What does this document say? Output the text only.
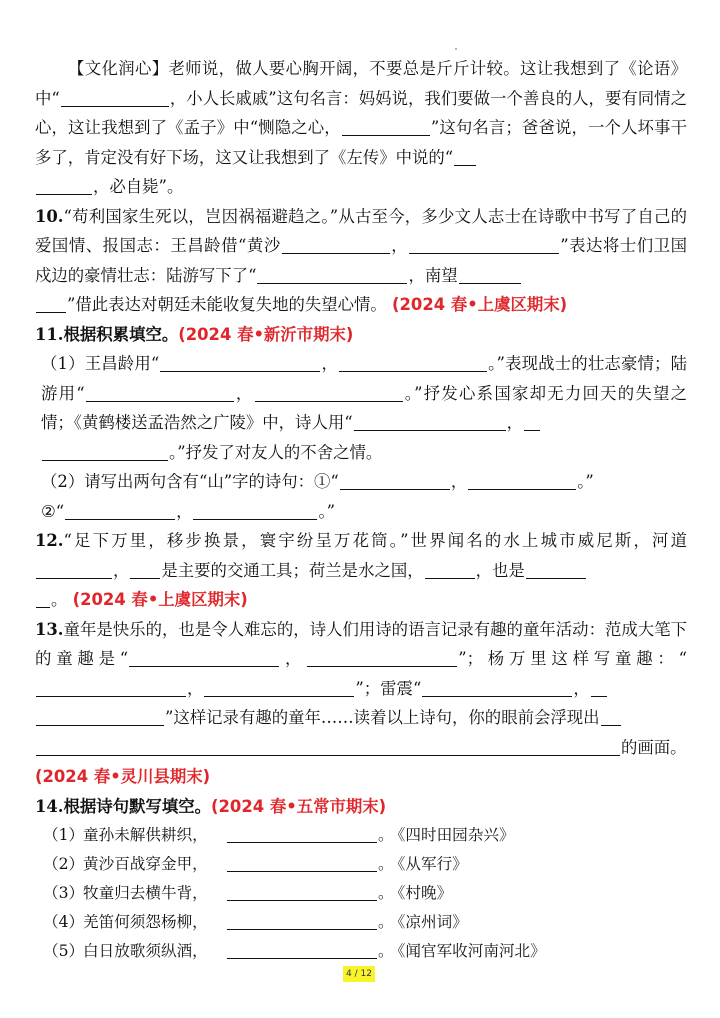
【文化润心】老师说，做人要心胸开阔，不要总是斤斤计较。这让我想到了《论语》中“	，小人长戚戚”这句名言：妈妈说，我们要做一个善良的人，要有同情之心，这让我想到了《孟子》中“恻隐之心，	”这句名言；爸爸说，一个人坏事干多了，肯定没有好下场，这又让我想到了《左传》中说的“
，必自毙”。

10.“苟利国家生死以，岂因祸福避趋之。”从古至今，多少文人志士在诗歌中书写了自己的爱国情、报国志：王昌龄借“黄沙	，	”表达将士们卫国戍边的豪情壮志：陆游写下了“	，南望
”借此表达对朝廷未能收复失地的失望心情。 (2024 春•上虞区期末)

11.根据积累填空。(2024 春•新沂市期末)

（1）王昌龄用“	，	。”表现战士的壮志豪情；陆游用“	，	。”抒发心系国家却无力回天的失望之情；《黄鹤楼送孟浩然之广陵》中，诗人用“	，
。”抒发了对友人的不舍之情。

（2）请写出两句含有“山”字的诗句：①“	，	。”
②“	，	。”

12.“足下万里，移步换景，寰宇纷呈万花筒。”世界闻名的水上城市威尼斯，河道， 是主要的交通工具；荷兰是水之国，	，也是
。 (2024 春•上虞区期末)

13.童年是快乐的，也是令人难忘的，诗人们用诗的语言记录有趣的童年活动：范成大笔下的童趣是“	，	”；杨万里这样写童趣：“，	”；雷震“	，
”这样记录有趣的童年……读着以上诗句，你的眼前会浮现出
的画面。

(2024 春•灵川县期末)

14.根据诗句默写填空。(2024 春•五常市期末)

（1）童孙未解供耕织，	。 《四时田园杂兴》
（2）黄沙百战穿金甲，	。 《从军行》
（3）牧童归去横牛背，	。 《村晚》
（4）羌笛何须怨杨柳，	。 《凉州词》
（5）白日放歌须纵酒，	。 《闻官军收河南河北》
4 / 12
